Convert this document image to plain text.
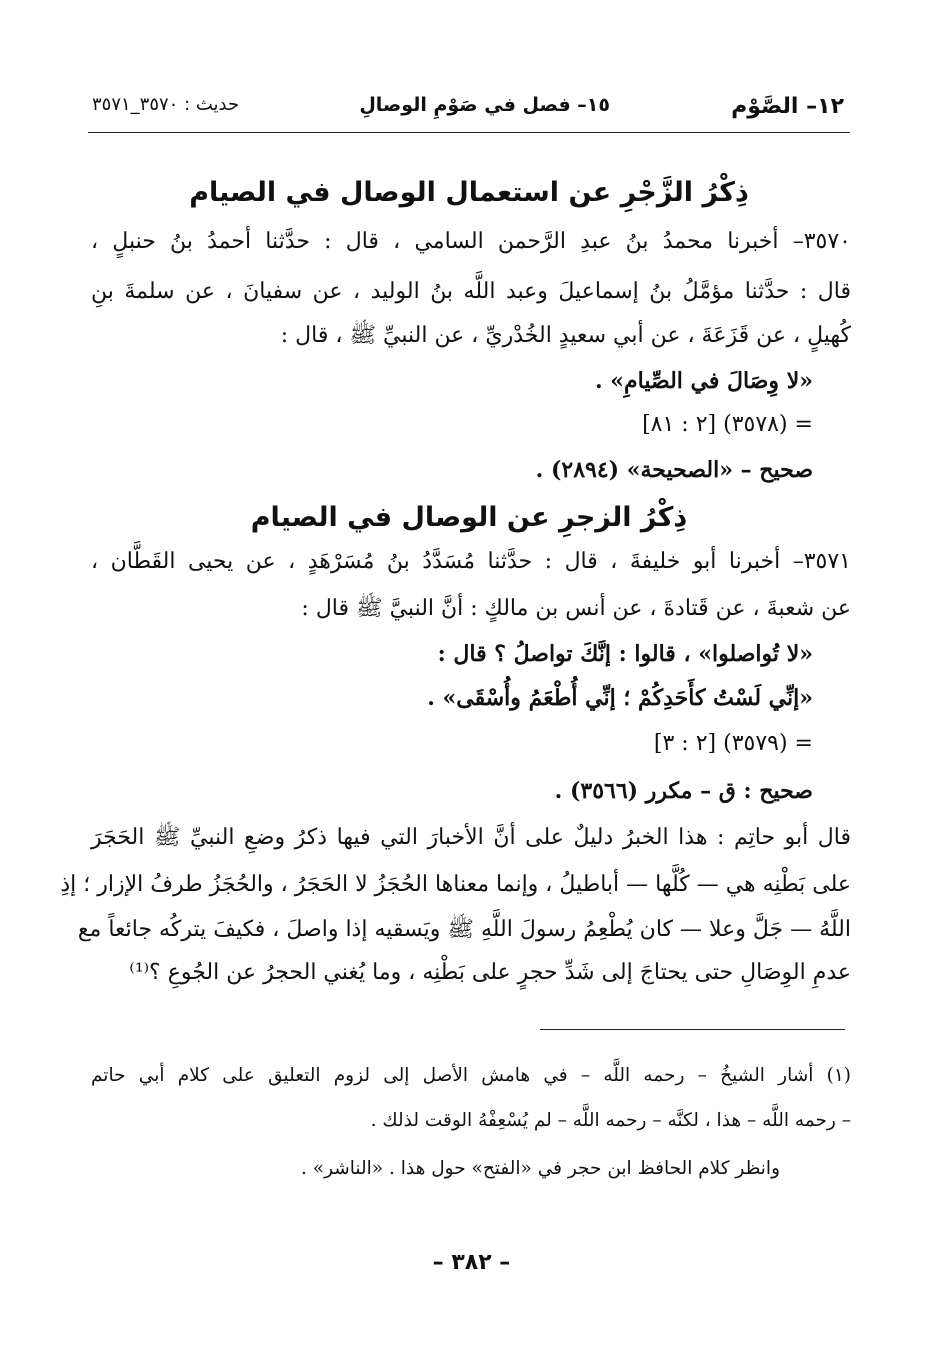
١٢– الصَّوْم
١٥– فصل في صَوْمِ الوصالِ
حديث : ٣٥٧٠_٣٥٧١
ذِكْرُ الزَّجْرِ عن استعمال الوصال في الصيام
٣٥٧٠– أخبرنا محمدُ بنُ عبدِ الرَّحمن السامي ، قال : حدَّثنا أحمدُ بنُ حنبلٍ ،
قال : حدَّثنا مؤمَّلُ بنُ إسماعيلَ وعبد اللَّه بنُ الوليد ، عن سفيانَ ، عن سلمةَ بنِ
كُهيلٍ ، عن قَزَعَةَ ، عن أبي سعيدٍ الخُدْريِّ ، عن النبيِّ ﷺ ، قال :
«لا وِصَالَ في الصِّيامِ» .
= (٣٥٧٨) [٢ : ٨١]
صحيح – «الصحيحة» (٢٨٩٤) .
ذِكْرُ الزجرِ عن الوصال في الصيام
٣٥٧١– أخبرنا أبو خليفةَ ، قال : حدَّثنا مُسَدَّدُ بنُ مُسَرْهَدٍ ، عن يحيى القَطَّان ،
عن شعبةَ ، عن قَتادةَ ، عن أنس بن مالكٍ : أنَّ النبيَّ ﷺ قال :
«لا تُواصلوا» ، قالوا : إنَّكَ تواصلُ ؟ قال :
«إنِّي لَسْتُ كأَحَدِكُمْ ؛ إنِّي أُطْعَمُ وأُسْقَى» .
= (٣٥٧٩) [٢ : ٣]
صحيح : ق – مكرر (٣٥٦٦) .
قال أبو حاتِم : هذا الخبرُ دليلٌ على أنَّ الأخبارَ التي فيها ذكرُ وضعِ النبيِّ ﷺ الحَجَرَ
على بَطْنِه هي — كُلَّها — أباطيلُ ، وإنما معناها الحُجَزُ لا الحَجَرُ ، والحُجَزُ طرفُ الإزار ؛ إذِ
اللَّهُ — جَلَّ وعلا — كان يُطْعِمُ رسولَ اللَّهِ ﷺ ويَسقيه إذا واصلَ ، فكيفَ يتركُه جائعاً مع
عدمِ الوِصَالِ حتى يحتاجَ إلى شَدِّ حجرٍ على بَطْنِه ، وما يُغني الحجرُ عن الجُوعِ ؟⁽¹⁾
(١) أشار الشيخُ – رحمه اللَّه – في هامش الأصل إلى لزوم التعليق على كلام أبي حاتم
– رحمه اللَّه – هذا ، لكنَّه – رحمه اللَّه – لم يُسْعِفْهُ الوقت لذلك .
وانظر كلام الحافظ ابن حجر في «الفتح» حول هذا . «الناشر» .
– ٣٨٢ –
